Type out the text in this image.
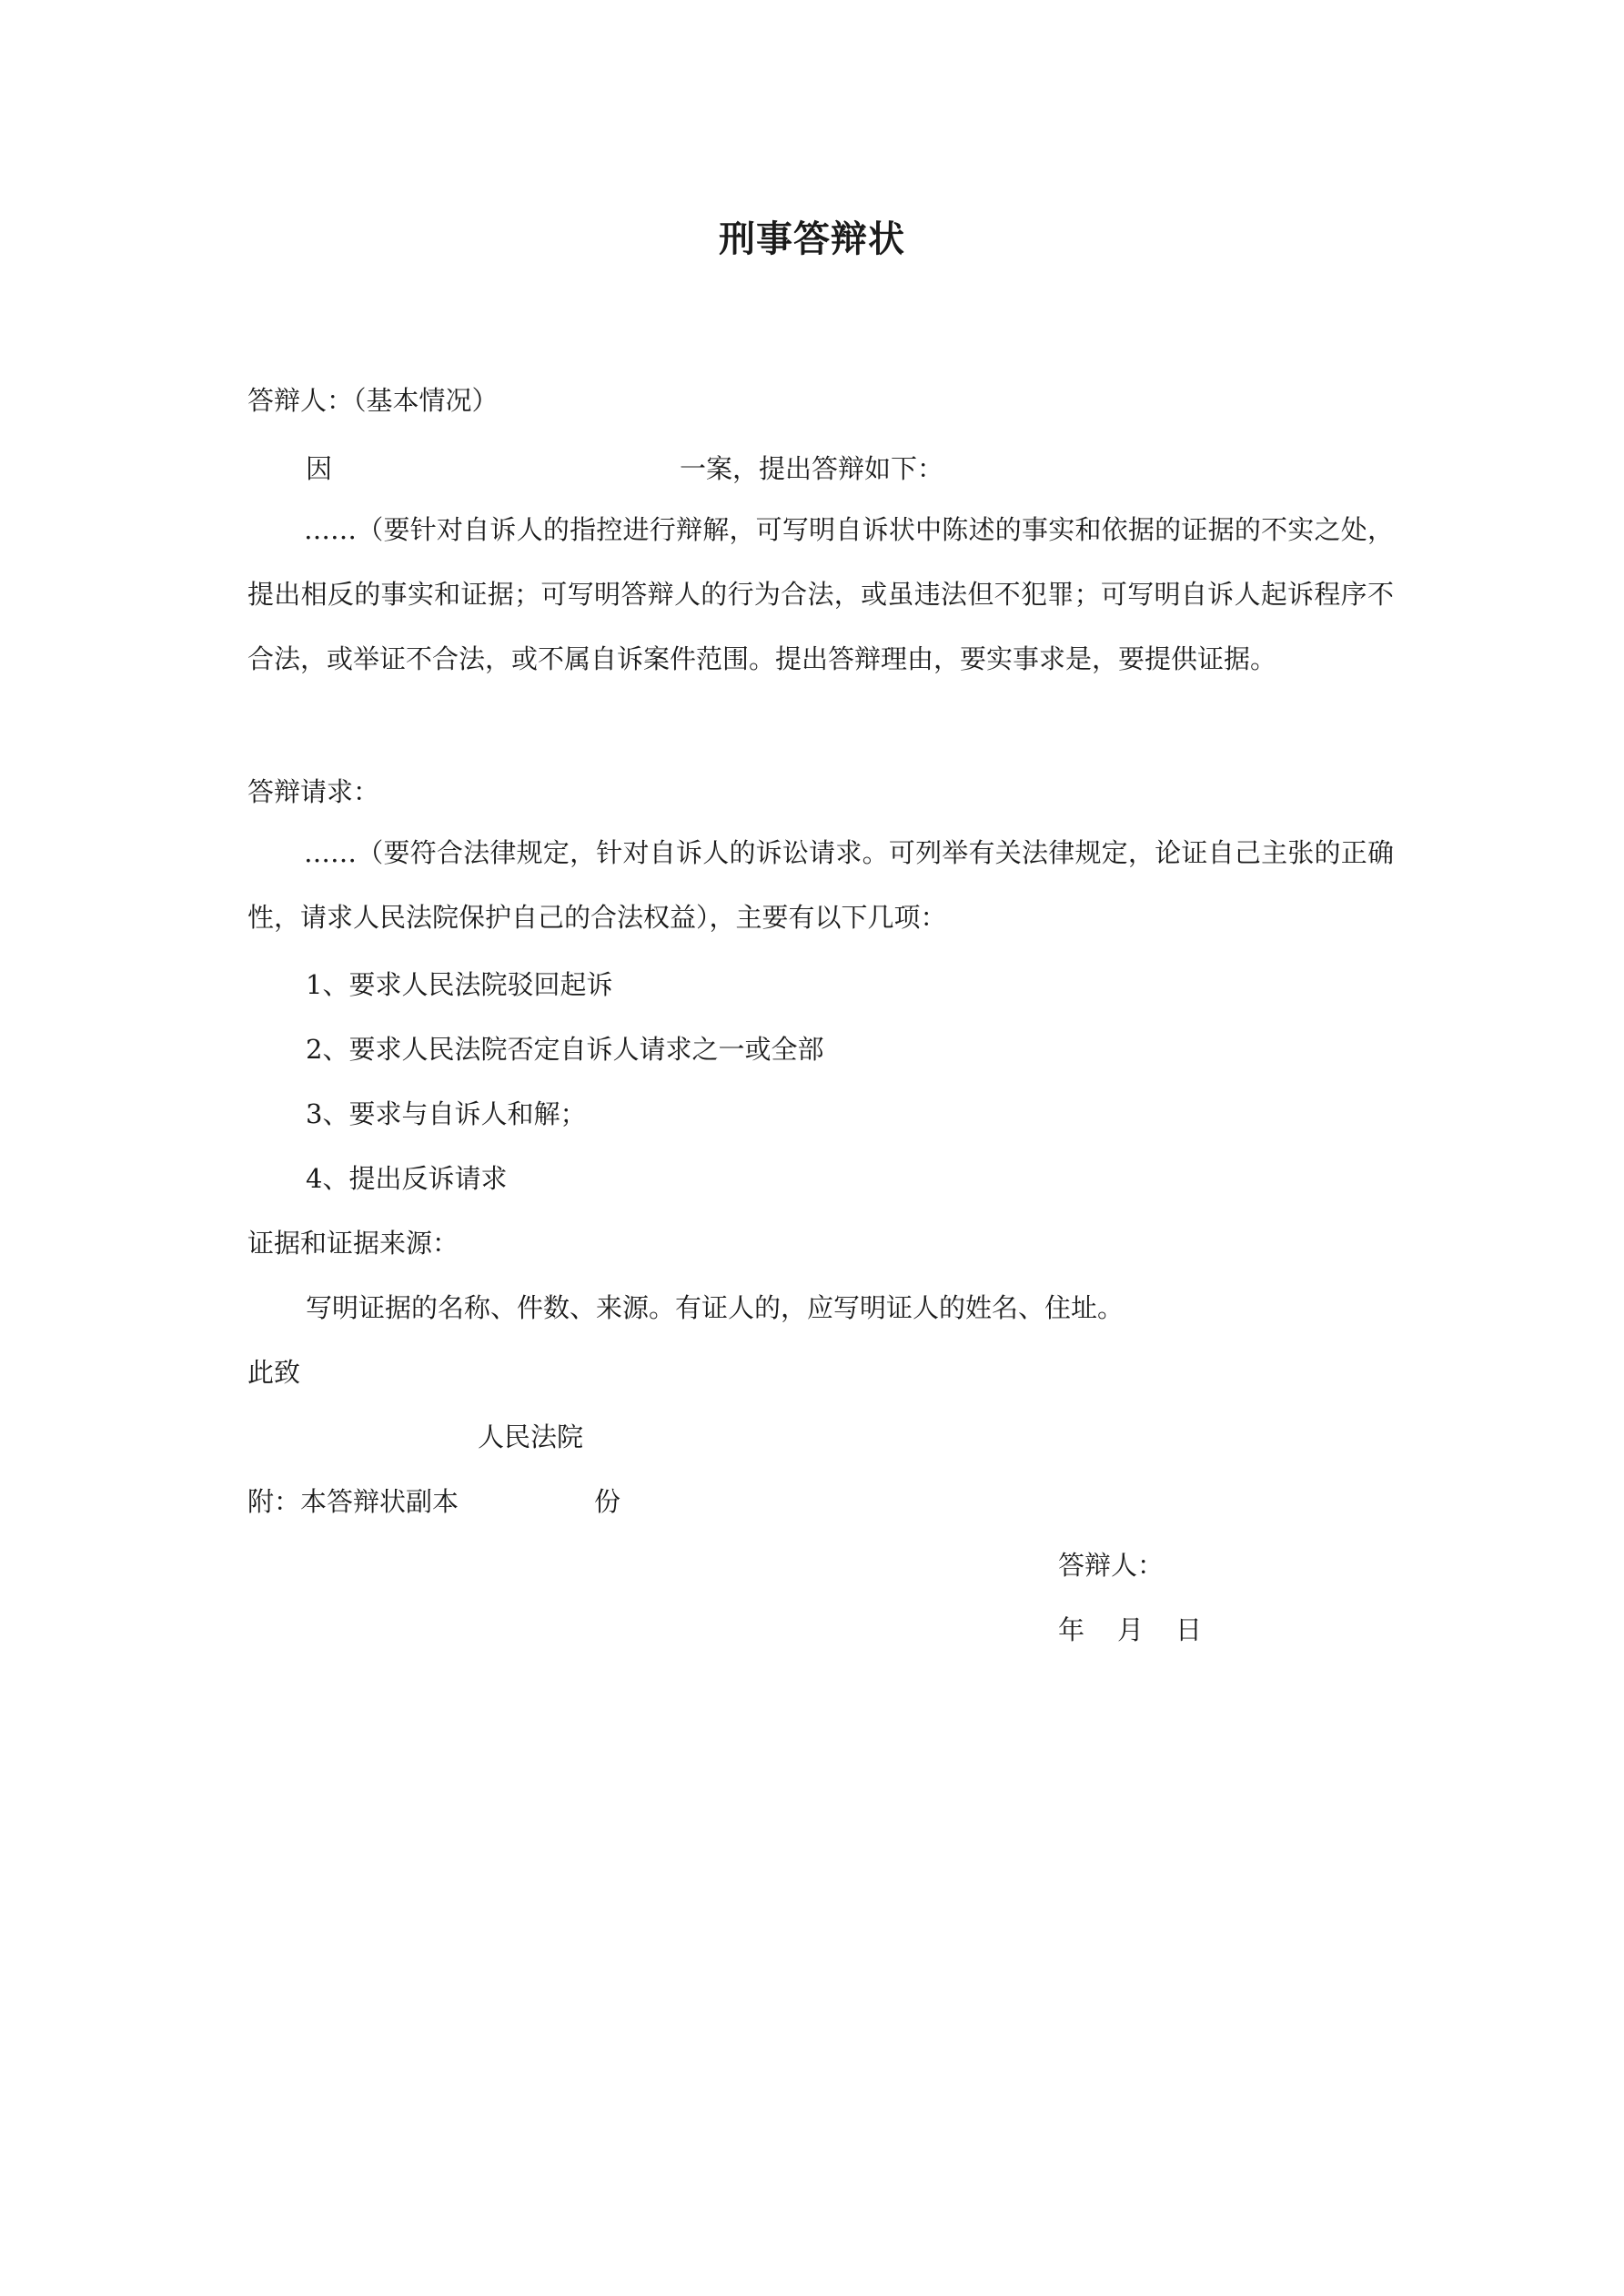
刑事答辩状
答辩人：（基本情况）
因	一案，提出答辩如下：

……（要针对自诉人的指控进行辩解，可写明自诉状中陈述的事实和依据的证据的不实之处，提出相反的事实和证据；可写明答辩人的行为合法，或虽违法但不犯罪；可写明自诉人起诉程序不合法，或举证不合法，或不属自诉案件范围。提出答辩理由，要实事求是，要提供证据。

答辩请求：

……（要符合法律规定，针对自诉人的诉讼请求。可列举有关法律规定，论证自己主张的正确性，请求人民法院保护自己的合法权益），主要有以下几项：

1、要求人民法院驳回起诉
2、要求人民法院否定自诉人请求之一或全部
3、要求与自诉人和解；
4、提出反诉请求
证据和证据来源：
写明证据的名称、件数、来源。有证人的，应写明证人的姓名、住址。
此致
人民法院
附：本答辩状副本	份
答辩人：
年 月 日
